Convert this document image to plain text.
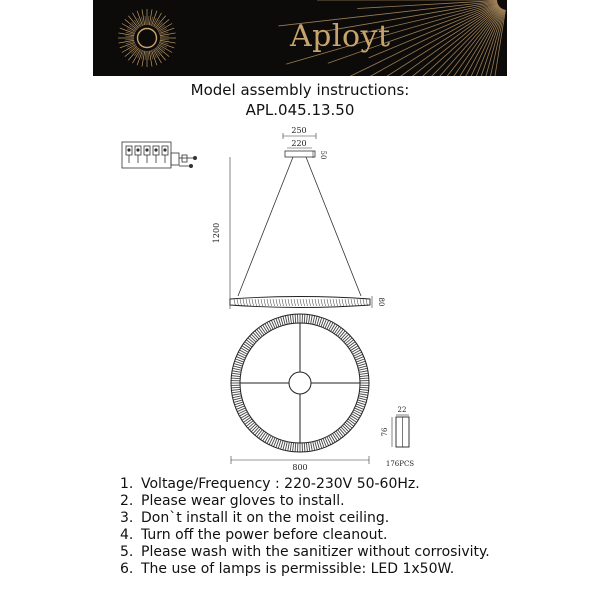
Aployt
Model assembly instructions:
APL.045.13.50
250
220
50
1200
80
800
22
76
176PCS
1. Voltage/Frequency : 220-230V 50-60Hz.
2. Please wear gloves to install.
3. Don`t install it on the moist ceiling.
4. Turn off the power before cleanout.
5. Please wash with the sanitizer without corrosivity.
6. The use of lamps is permissible: LED 1x50W.
